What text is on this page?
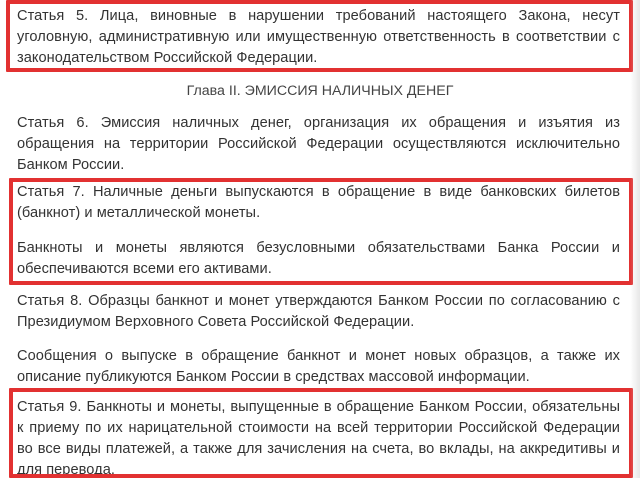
Статья 5. Лица, виновные в нарушении требований настоящего Закона, несут уголовную, административную или имущественную ответственность в соответствии с законодательством Российской Федерации.

Глава II. ЭМИССИЯ НАЛИЧНЫХ ДЕНЕГ

Статья 6. Эмиссия наличных денег, организация их обращения и изъятия из обращения на территории Российской Федерации осуществляются исключительно Банком России.

Статья 7. Наличные деньги выпускаются в обращение в виде банковских билетов (банкнот) и металлической монеты.

Банкноты и монеты являются безусловными обязательствами Банка России и обеспечиваются всеми его активами.

Статья 8. Образцы банкнот и монет утверждаются Банком России по согласованию с Президиумом Верховного Совета Российской Федерации.

Сообщения о выпуске в обращение банкнот и монет новых образцов, а также их описание публикуются Банком России в средствах массовой информации.

Статья 9. Банкноты и монеты, выпущенные в обращение Банком России, обязательны к приему по их нарицательной стоимости на всей территории Российской Федерации во все виды платежей, а также для зачисления на счета, во вклады, на аккредитивы и для перевода.
